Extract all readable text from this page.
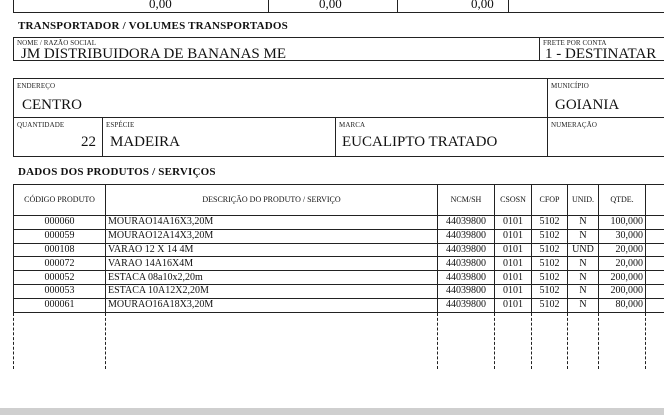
0,00	0,00	0,00
TRANSPORTADOR / VOLUMES TRANSPORTADOS
NOME / RAZÃO SOCIAL
JM DISTRIBUIDORA DE BANANAS ME
FRETE POR CONTA
1 - DESTINATAR
ENDEREÇO
CENTRO
MUNICÍPIO
GOIANIA
QUANTIDADE
22
ESPÉCIE
MADEIRA
MARCA
EUCALIPTO TRATADO
NUMERAÇÃO
DADOS DOS PRODUTOS / SERVIÇOS
CÓDIGO PRODUTO	DESCRIÇÃO DO PRODUTO / SERVIÇO	NCM/SH	CSOSN	CFOP	UNID.	QTDE.	
000060	MOURAO14A16X3,20M	44039800	0101	5102	N	100,000	
000059	MOURAO12A14X3,20M	44039800	0101	5102	N	30,000	
000108	VARAO 12 X 14 4M	44039800	0101	5102	UND	20,000	
000072	VARAO 14A16X4M	44039800	0101	5102	N	20,000	
000052	ESTACA 08a10x2,20m	44039800	0101	5102	N	200,000	
000053	ESTACA 10A12X2,20M	44039800	0101	5102	N	200,000	
000061	MOURAO16A18X3,20M	44039800	0101	5102	N	80,000	
